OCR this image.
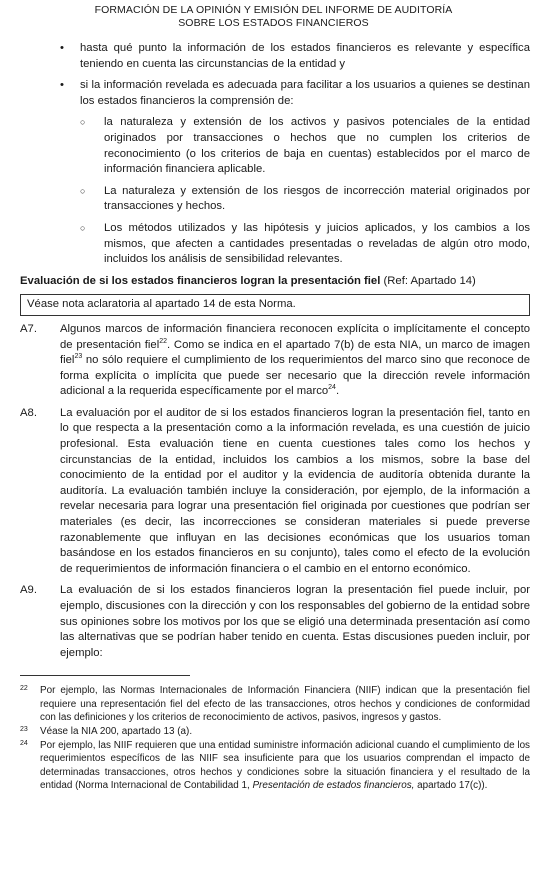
FORMACIÓN DE LA OPINIÓN Y EMISIÓN DEL INFORME DE AUDITORÍA
SOBRE LOS ESTADOS FINANCIEROS
• hasta qué punto la información de los estados financieros es relevante y específica teniendo en cuenta las circunstancias de la entidad y
• si la información revelada es adecuada para facilitar a los usuarios a quienes se destinan los estados financieros la comprensión de:
○ la naturaleza y extensión de los activos y pasivos potenciales de la entidad originados por transacciones o hechos que no cumplen los criterios de reconocimiento (o los criterios de baja en cuentas) establecidos por el marco de información financiera aplicable.
○ La naturaleza y extensión de los riesgos de incorrección material originados por transacciones y hechos.
○ Los métodos utilizados y las hipótesis y juicios aplicados, y los cambios a los mismos, que afecten a cantidades presentadas o reveladas de algún otro modo, incluidos los análisis de sensibilidad relevantes.
Evaluación de si los estados financieros logran la presentación fiel (Ref: Apartado 14)
Véase nota aclaratoria al apartado 14 de esta Norma.
A7. Algunos marcos de información financiera reconocen explícita o implícitamente el concepto de presentación fiel$^{22}$. Como se indica en el apartado 7(b) de esta NIA, un marco de imagen fiel$^{23}$ no sólo requiere el cumplimiento de los requerimientos del marco sino que reconoce de forma explícita o implícita que puede ser necesario que la dirección revele información adicional a la requerida específicamente por el marco$^{24}$.
A8. La evaluación por el auditor de si los estados financieros logran la presentación fiel, tanto en lo que respecta a la presentación como a la información revelada, es una cuestión de juicio profesional. Esta evaluación tiene en cuenta cuestiones tales como los hechos y circunstancias de la entidad, incluidos los cambios a los mismos, sobre la base del conocimiento de la entidad por el auditor y la evidencia de auditoría obtenida durante la auditoría. La evaluación también incluye la consideración, por ejemplo, de la información a revelar necesaria para lograr una presentación fiel originada por cuestiones que podrían ser materiales (es decir, las incorrecciones se consideran materiales si puede preverse razonablemente que influyan en las decisiones económicas que los usuarios toman basándose en los estados financieros en su conjunto), tales como el efecto de la evolución de requerimientos de información financiera o el cambio en el entorno económico.
A9. La evaluación de si los estados financieros logran la presentación fiel puede incluir, por ejemplo, discusiones con la dirección y con los responsables del gobierno de la entidad sobre sus opiniones sobre los motivos por los que se eligió una determinada presentación así como las alternativas que se podrían haber tenido en cuenta. Estas discusiones pueden incluir, por ejemplo:
22 Por ejemplo, las Normas Internacionales de Información Financiera (NIIF) indican que la presentación fiel requiere una representación fiel del efecto de las transacciones, otros hechos y condiciones de conformidad con las definiciones y los criterios de reconocimiento de activos, pasivos, ingresos y gastos.
23 Véase la NIA 200, apartado 13 (a).
24 Por ejemplo, las NIIF requieren que una entidad suministre información adicional cuando el cumplimiento de los requerimientos específicos de las NIIF sea insuficiente para que los usuarios comprendan el impacto de determinadas transacciones, otros hechos y condiciones sobre la situación financiera y el resultado de la entidad (Norma Internacional de Contabilidad 1, Presentación de estados financieros, apartado 17(c)).
